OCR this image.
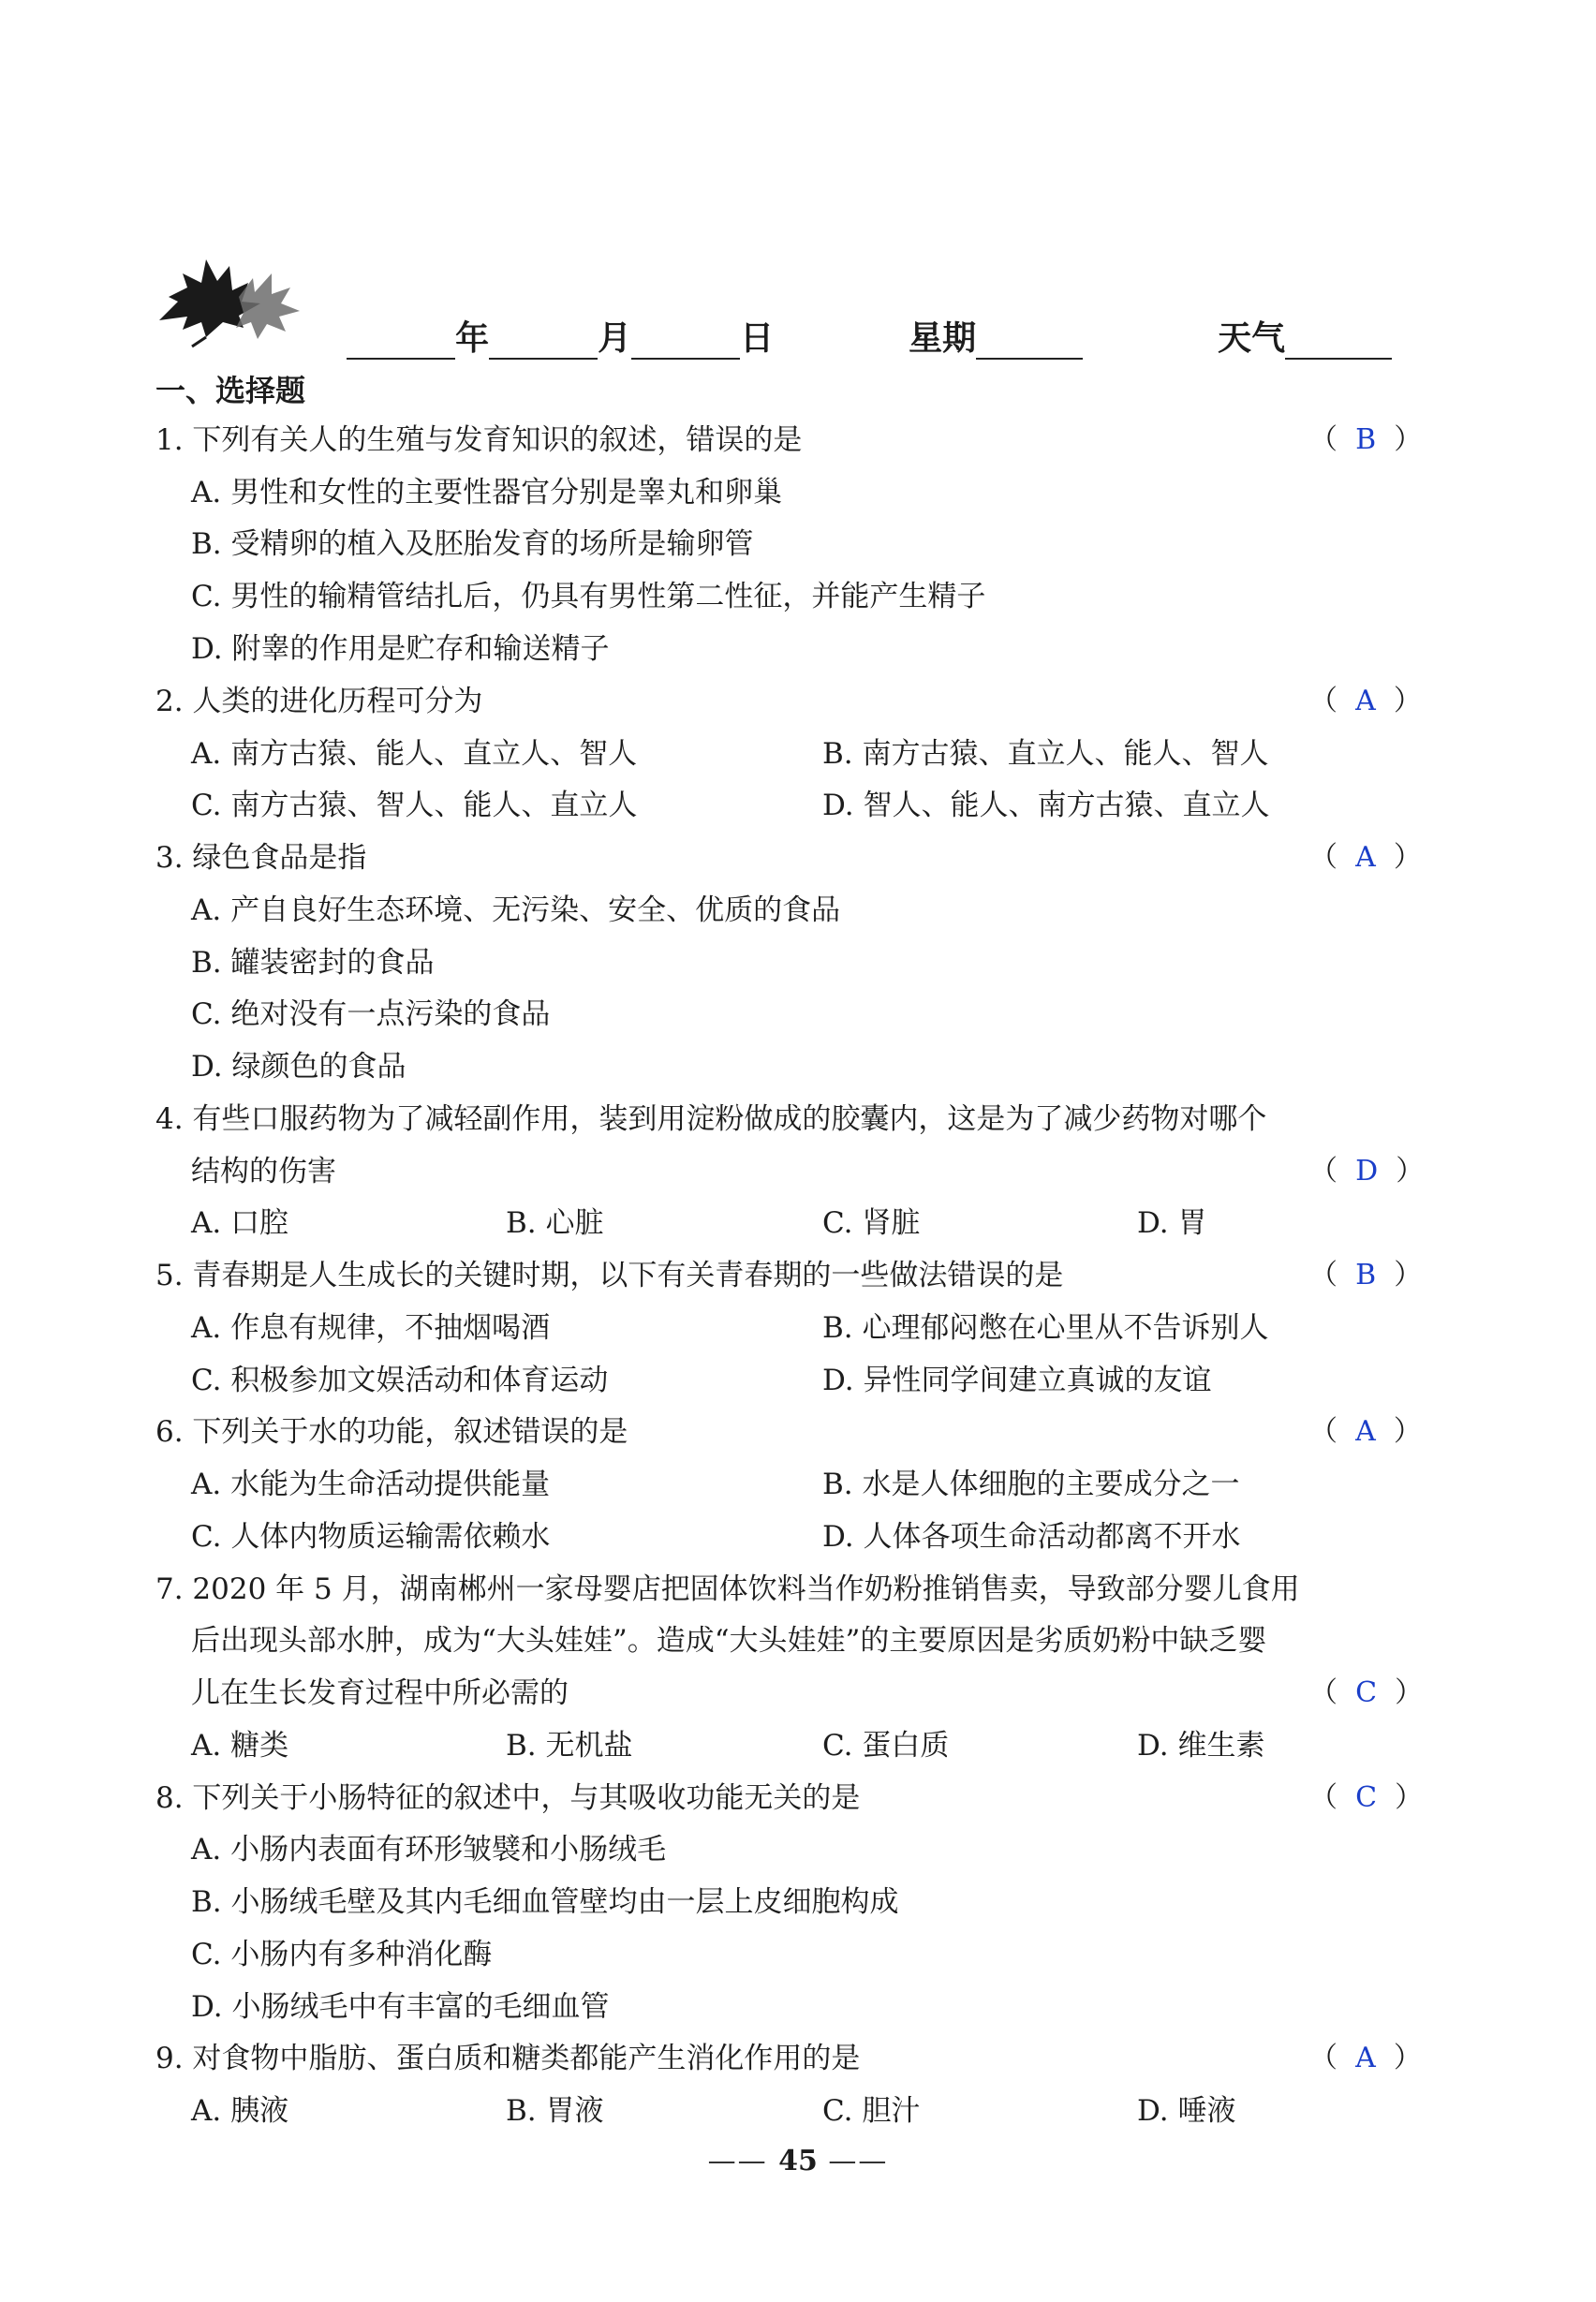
年	月	日
	星期
	天气

一、选择题
1. 下列有关人的生殖与发育知识的叙述，错误的是	（  B  ）
A. 男性和女性的主要性器官分别是睾丸和卵巢
B. 受精卵的植入及胚胎发育的场所是输卵管
C. 男性的输精管结扎后，仍具有男性第二性征，并能产生精子
D. 附睾的作用是贮存和输送精子
2. 人类的进化历程可分为	（  A  ）
A. 南方古猿、能人、直立人、智人	B. 南方古猿、直立人、能人、智人
C. 南方古猿、智人、能人、直立人	D. 智人、能人、南方古猿、直立人
3. 绿色食品是指	（  A  ）
A. 产自良好生态环境、无污染、安全、优质的食品
B. 罐装密封的食品
C. 绝对没有一点污染的食品
D. 绿颜色的食品
4. 有些口服药物为了减轻副作用，装到用淀粉做成的胶囊内，这是为了减少药物对哪个
结构的伤害	（  D  ）
A. 口腔	B. 心脏	C. 肾脏	D. 胃
5. 青春期是人生成长的关键时期，以下有关青春期的一些做法错误的是	（  B  ）
A. 作息有规律，不抽烟喝酒	B. 心理郁闷憋在心里从不告诉别人
C. 积极参加文娱活动和体育运动	D. 异性同学间建立真诚的友谊
6. 下列关于水的功能，叙述错误的是	（  A  ）
A. 水能为生命活动提供能量	B. 水是人体细胞的主要成分之一
C. 人体内物质运输需依赖水	D. 人体各项生命活动都离不开水
7. 2020 年 5 月，湖南郴州一家母婴店把固体饮料当作奶粉推销售卖，导致部分婴儿食用
后出现头部水肿，成为“大头娃娃”。造成“大头娃娃”的主要原因是劣质奶粉中缺乏婴
儿在生长发育过程中所必需的	（  C  ）
A. 糖类	B. 无机盐	C. 蛋白质	D. 维生素
8. 下列关于小肠特征的叙述中，与其吸收功能无关的是	（  C  ）
A. 小肠内表面有环形皱襞和小肠绒毛
B. 小肠绒毛壁及其内毛细血管壁均由一层上皮细胞构成
C. 小肠内有多种消化酶
D. 小肠绒毛中有丰富的毛细血管
9. 对食物中脂肪、蛋白质和糖类都能产生消化作用的是	（  A  ）
A. 胰液	B. 胃液	C. 胆汁	D. 唾液
—— 45 ——
